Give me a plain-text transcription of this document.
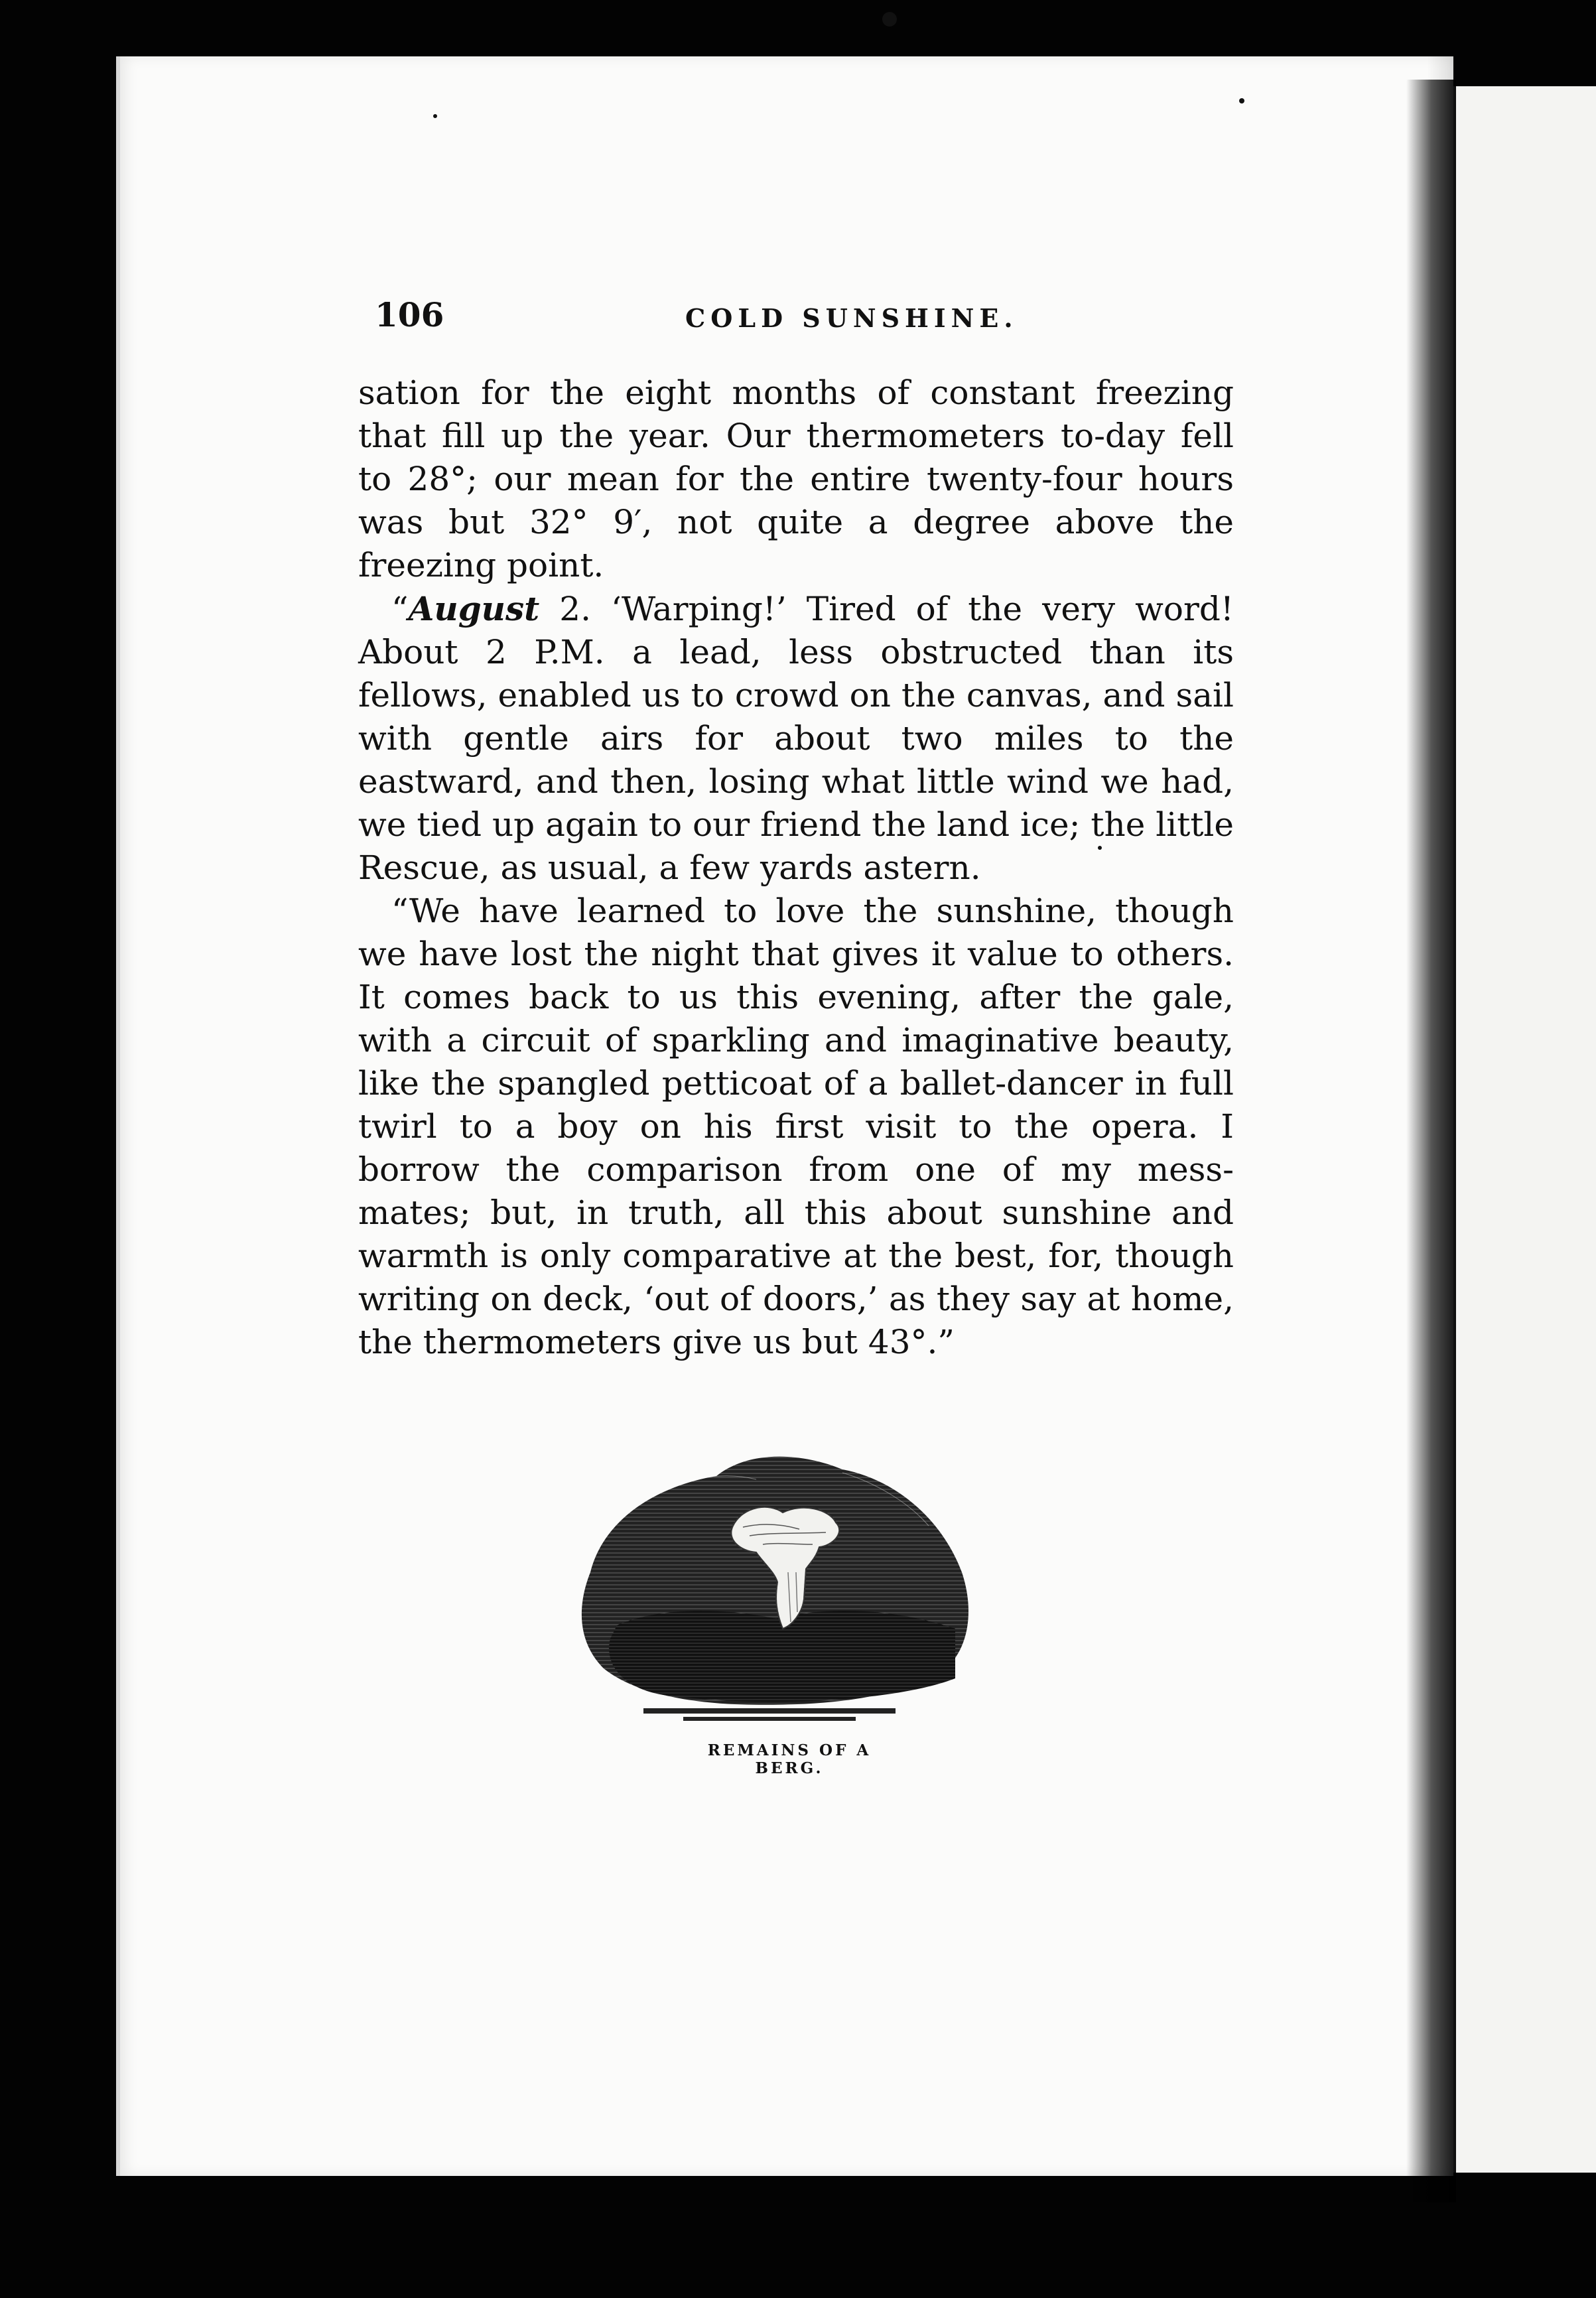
106	COLD SUNSHINE.

sation for the eight months of constant freezing that fill up the year. Our thermometers to-day fell to 28°; our mean for the entire twenty-four hours was but 32° 9′, not quite a degree above the freezing point.

“August 2. ‘Warping!’ Tired of the very word! About 2 P.M. a lead, less obstructed than its fellows, enabled us to crowd on the canvas, and sail with gentle airs for about two miles to the eastward, and then, losing what little wind we had, we tied up again to our friend the land ice; the little Rescue, as usual, a few yards astern.

“We have learned to love the sunshine, though we have lost the night that gives it value to others. It comes back to us this evening, after the gale, with a circuit of sparkling and imaginative beauty, like the spangled petticoat of a ballet-dancer in full twirl to a boy on his first visit to the opera. I borrow the comparison from one of my mess-mates; but, in truth, all this about sunshine and warmth is only comparative at the best, for, though writing on deck, ‘out of doors,’ as they say at home, the thermometers give us but 43°.”

REMAINS OF A BERG.
